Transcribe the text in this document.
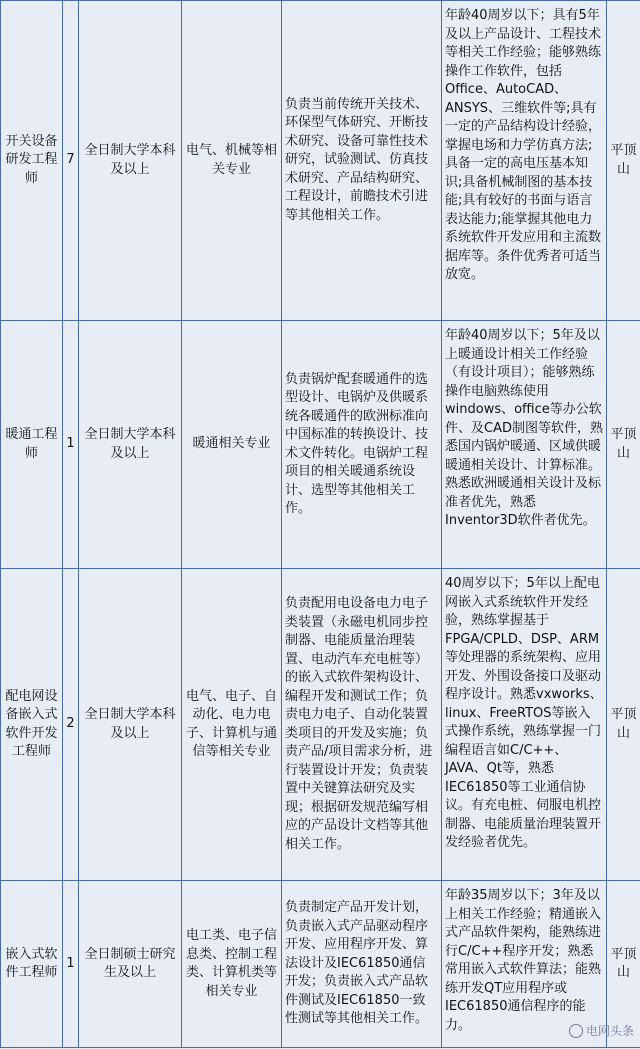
开关设备研发工程师	7	全日制大学本科及以上	电气、机械等相关专业	负责当前传统开关技术、环保型气体研究、开断技术研究、设备可靠性技术研究，试验测试、仿真技术研究、产品结构研究、工程设计，前瞻技术引进等其他相关工作。	年龄40周岁以下；具有5年及以上产品设计、工程技术等相关工作经验；能够熟练操作工作软件，包括Office、AutoCAD、ANSYS、三维软件等;具有一定的产品结构设计经验，掌握电场和力学仿真方法;具备一定的高电压基本知识;具备机械制图的基本技能;具有较好的书面与语言表达能力;能掌握其他电力系统软件开发应用和主流数据库等。条件优秀者可适当放宽。	平顶山
暖通工程师	1	全日制大学本科及以上	暖通相关专业	负责锅炉配套暖通件的选型设计、电锅炉及供暖系统各暖通件的欧洲标准向中国标准的转换设计、技术文件转化。电锅炉工程项目的相关暖通系统设计、选型等其他相关工作。	年龄40周岁以下；5年及以上暖通设计相关工作经验（有设计项目）；能够熟练操作电脑熟练使用windows、office等办公软件、及CAD制图等软件，熟悉国内锅炉暖通、区域供暖暖通相关设计、计算标准。熟悉欧洲暖通相关设计及标准者优先，熟悉Inventor3D软件者优先。	平顶山
配电网设备嵌入式软件开发工程师	2	全日制大学本科及以上	电气、电子、自动化、电力电子、计算机与通信等相关专业	负责配用电设备电力电子类装置（永磁电机同步控制器、电能质量治理装置、电动汽车充电桩等）的嵌入式软件架构设计、编程开发和测试工作；负责电力电子、自动化装置类项目的开发及实施；负责产品/项目需求分析，进行装置设计开发；负责装置中关键算法研究及实现；根据研发规范编写相应的产品设计文档等其他相关工作。	40周岁以下；5年以上配电网嵌入式系统软件开发经验，熟练掌握基于FPGA/CPLD、DSP、ARM等处理器的系统架构、应用开发、外围设备接口及驱动程序设计。熟悉vxworks、linux、FreeRTOS等嵌入式操作系统，熟练掌握一门编程语言如C/C++、JAVA、Qt等，熟悉IEC61850等工业通信协议。有充电桩、伺服电机控制器、电能质量治理装置开发经验者优先。	平顶山
嵌入式软件工程师	1	全日制硕士研究生及以上	电工类、电子信息类、控制工程类、计算机类等相关专业	负责制定产品开发计划，负责嵌入式产品驱动程序开发、应用程序开发、算法设计及IEC61850通信开发；负责嵌入式产品软件测试及IEC61850一致性测试等其他相关工作。	年龄35周岁以下；3年及以上相关工作经验；精通嵌入式产品软件架构，能熟练进行C/C++程序开发；熟悉常用嵌入式软件算法；能熟练开发QT应用程序或IEC61850通信程序的能力。	平顶山
电网头条
